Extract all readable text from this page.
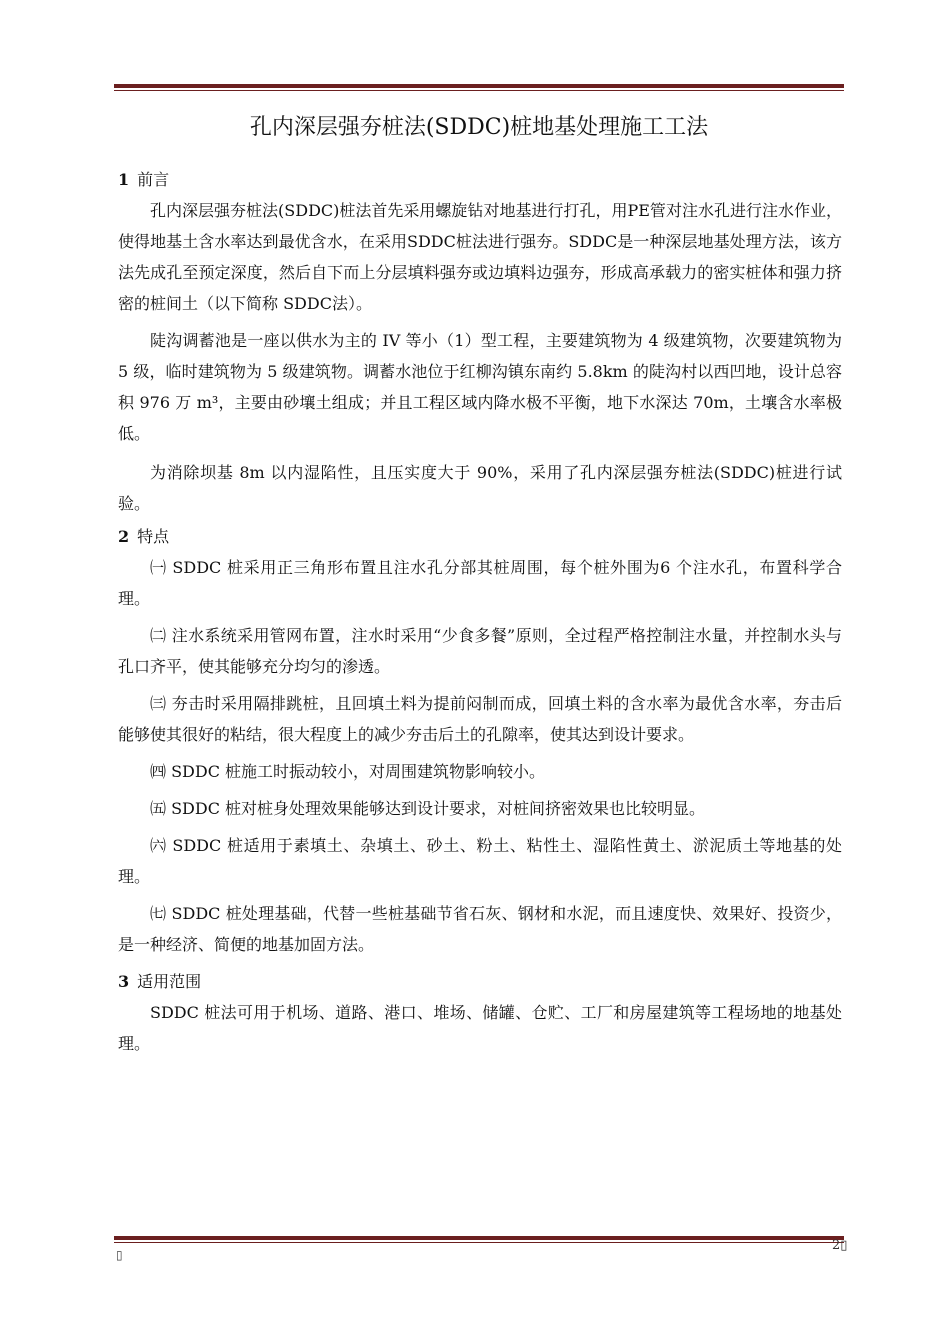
孔内深层强夯桩法(SDDC)桩地基处理施工工法

1 前言

孔内深层强夯桩法(SDDC)桩法首先采用螺旋钻对地基进行打孔，用PE管对注水孔进行注水作业，使得地基土含水率达到最优含水，在采用SDDC桩法进行强夯。SDDC是一种深层地基处理方法，该方法先成孔至预定深度，然后自下而上分层填料强夯或边填料边强夯，形成高承载力的密实桩体和强力挤密的桩间土（以下简称 SDDC法）。

陡沟调蓄池是一座以供水为主的 IV 等小（1）型工程，主要建筑物为 4 级建筑物，次要建筑物为 5 级，临时建筑物为 5 级建筑物。调蓄水池位于红柳沟镇东南约 5.8km 的陡沟村以西凹地，设计总容积 976 万 m³，主要由砂壤土组成；并且工程区域内降水极不平衡，地下水深达 70m，土壤含水率极低。

为消除坝基 8m 以内湿陷性，且压实度大于 90%，采用了孔内深层强夯桩法(SDDC)桩进行试验。

2 特点

㈠ SDDC 桩采用正三角形布置且注水孔分部其桩周围，每个桩外围为6 个注水孔，布置科学合理。

㈡ 注水系统采用管网布置，注水时采用“少食多餐”原则，全过程严格控制注水量，并控制水头与孔口齐平，使其能够充分均匀的渗透。

㈢ 夯击时采用隔排跳桩，且回填土料为提前闷制而成，回填土料的含水率为最优含水率，夯击后能够使其很好的粘结，很大程度上的减少夯击后土的孔隙率，使其达到设计要求。

㈣ SDDC 桩施工时振动较小，对周围建筑物影响较小。

㈤ SDDC 桩对桩身处理效果能够达到设计要求，对桩间挤密效果也比较明显。

㈥ SDDC 桩适用于素填土、杂填土、砂土、粉土、粘性土、湿陷性黄土、淤泥质土等地基的处理。

㈦ SDDC 桩处理基础，代替一些桩基础节省石灰、钢材和水泥，而且速度快、效果好、投资少，是一种经济、简便的地基加固方法。

3 适用范围

SDDC 桩法可用于机场、道路、港口、堆场、储罐、仓贮、工厂和房屋建筑等工程场地的地基处理。

▯
2▯
